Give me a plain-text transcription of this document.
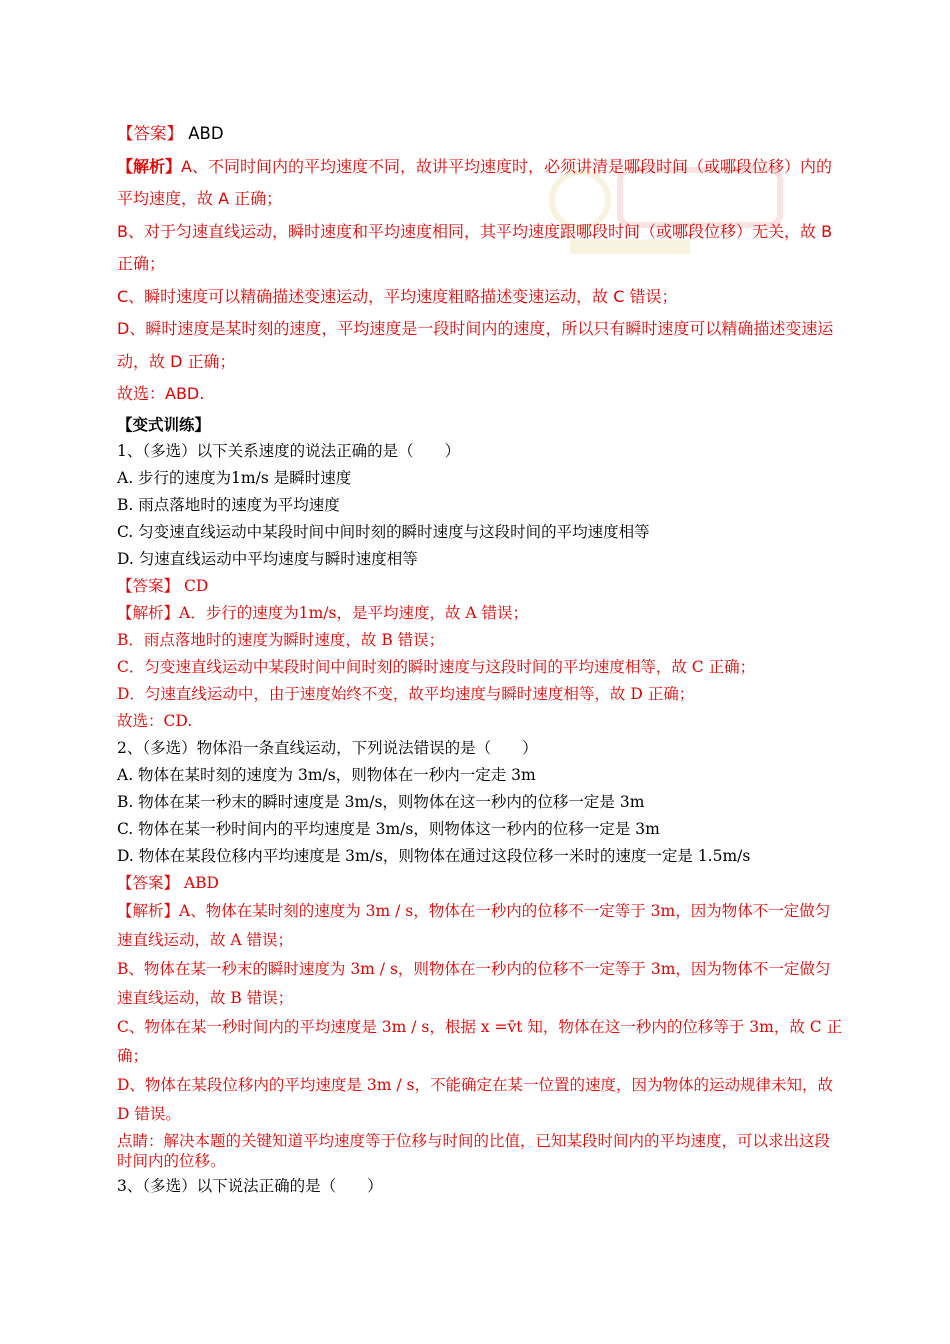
【答案】 ABD

【解析】A、不同时间内的平均速度不同，故讲平均速度时，必须讲清是哪段时间（或哪段位移）内的平均速度，故 A 正确；

B、对于匀速直线运动，瞬时速度和平均速度相同，其平均速度跟哪段时间（或哪段位移）无关，故 B 正确；

C、瞬时速度可以精确描述变速运动，平均速度粗略描述变速运动，故 C 错误；

D、瞬时速度是某时刻的速度，平均速度是一段时间内的速度，所以只有瞬时速度可以精确描述变速运动，故 D 正确；

故选：ABD.

【变式训练】

1、（多选）以下关系速度的说法正确的是（　　）

A. 步行的速度为1m/s 是瞬时速度

B. 雨点落地时的速度为平均速度

C. 匀变速直线运动中某段时间中间时刻的瞬时速度与这段时间的平均速度相等

D. 匀速直线运动中平均速度与瞬时速度相等

【答案】 CD

【解析】A．步行的速度为1m/s，是平均速度，故 A 错误；

B．雨点落地时的速度为瞬时速度，故 B 错误；

C．匀变速直线运动中某段时间中间时刻的瞬时速度与这段时间的平均速度相等，故 C 正确；

D．匀速直线运动中，由于速度始终不变，故平均速度与瞬时速度相等，故 D 正确；

故选：CD.

2、（多选）物体沿一条直线运动，下列说法错误的是（　　）

A. 物体在某时刻的速度为 3m/s，则物体在一秒内一定走 3m

B. 物体在某一秒末的瞬时速度是 3m/s，则物体在这一秒内的位移一定是 3m

C. 物体在某一秒时间内的平均速度是 3m/s，则物体这一秒内的位移一定是 3m

D. 物体在某段位移内平均速度是 3m/s，则物体在通过这段位移一米时的速度一定是 1.5m/s

【答案】 ABD

【解析】A、物体在某时刻的速度为 3m / s，物体在一秒内的位移不一定等于 3m，因为物体不一定做匀速直线运动，故 A 错误；

B、物体在某一秒末的瞬时速度为 3m / s，则物体在一秒内的位移不一定等于 3m，因为物体不一定做匀速直线运动，故 B 错误；

C、物体在某一秒时间内的平均速度是 3m / s，根据 x =v̄t 知，物体在这一秒内的位移等于 3m，故 C 正确；

D、物体在某段位移内的平均速度是 3m / s，不能确定在某一位置的速度，因为物体的运动规律未知，故 D 错误。

点睛：解决本题的关键知道平均速度等于位移与时间的比值，已知某段时间内的平均速度，可以求出这段时间内的位移。

3、（多选）以下说法正确的是（　　）
